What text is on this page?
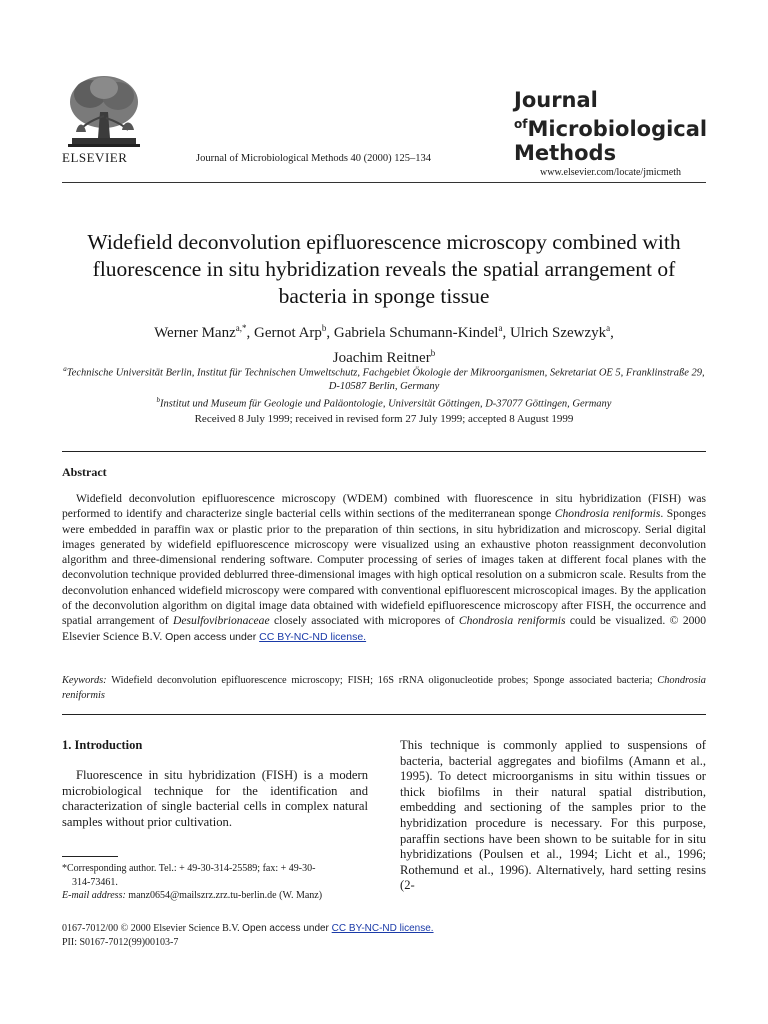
ELSEVIER	Journal of Microbiological Methods 40 (2000) 125–134
Journal
$^{of}$Microbiological
Methods
www.elsevier.com/locate/jmicmeth
Widefield deconvolution epifluorescence microscopy combined with fluorescence in situ hybridization reveals the spatial arrangement of bacteria in sponge tissue
Werner Manz$^{a,*}$, Gernot Arp$^b$, Gabriela Schumann-Kindel$^a$, Ulrich Szewzyk$^a$,
Joachim Reitner$^b$
$^a$Technische Universität Berlin, Institut für Technischen Umweltschutz, Fachgebiet Ökologie der Mikroorganismen, Sekretariat OE 5, Franklinstraße 29, D-10587 Berlin, Germany
$^b$Institut und Museum für Geologie und Paläontologie, Universität Göttingen, D-37077 Göttingen, Germany
Received 8 July 1999; received in revised form 27 July 1999; accepted 8 August 1999
Abstract
Widefield deconvolution epifluorescence microscopy (WDEM) combined with fluorescence in situ hybridization (FISH) was performed to identify and characterize single bacterial cells within sections of the mediterranean sponge Chondrosia reniformis. Sponges were embedded in paraffin wax or plastic prior to the preparation of thin sections, in situ hybridization and microscopy. Serial digital images generated by widefield epifluorescence microscopy were visualized using an exhaustive photon reassignment deconvolution algorithm and three-dimensional rendering software. Computer processing of series of images taken at different focal planes with the deconvolution technique provided deblurred three-dimensional images with high optical resolution on a submicron scale. Results from the deconvolution enhanced widefield microscopy were compared with conventional epifluorescent microscopical images. By the application of the deconvolution algorithm on digital image data obtained with widefield epifluorescence microscopy after FISH, the occurrence and spatial arrangement of Desulfovibrionaceae closely associated with micropores of Chondrosia reniformis could be visualized. © 2000 Elsevier Science B.V. Open access under CC BY-NC-ND license.
Keywords: Widefield deconvolution epifluorescence microscopy; FISH; 16S rRNA oligonucleotide probes; Sponge associated bacteria; Chondrosia reniformis
1. Introduction

Fluorescence in situ hybridization (FISH) is a modern microbiological technique for the identification and characterization of single bacterial cells in complex natural samples without prior cultivation.

*Corresponding author. Tel.: + 49-30-314-25589; fax: + 49-30-
314-73461.
E-mail address: manz0654@mailszrz.zrz.tu-berlin.de (W. Manz)

This technique is commonly applied to suspensions of bacteria, bacterial aggregates and biofilms (Amann et al., 1995). To detect microorganisms in situ within tissues or thick biofilms in their natural spatial distribution, embedding and sectioning of the samples prior to the hybridization procedure is necessary. For this purpose, paraffin sections have been shown to be suitable for in situ hybridizations (Poulsen et al., 1994; Licht et al., 1996; Rothemund et al., 1996). Alternatively, hard setting resins (2-

0167-7012/00 © 2000 Elsevier Science B.V. Open access under CC BY-NC-ND license.
PII: S0167-7012(99)00103-7
